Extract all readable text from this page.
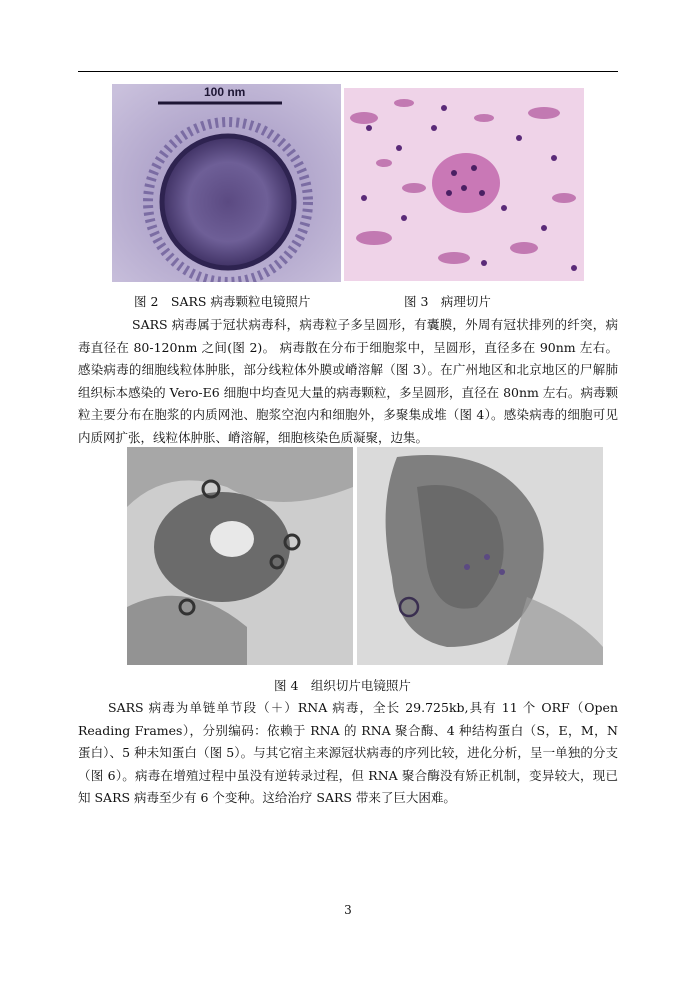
100 nm
图 2　SARS 病毒颗粒电镜照片	图 3　病理切片
SARS 病毒属于冠状病毒科，病毒粒子多呈圆形，有囊膜，外周有冠状排列的纤突，病毒直径在 80-120nm 之间(图 2)。 病毒散在分布于细胞浆中，呈圆形，直径多在 90nm 左右。感染病毒的细胞线粒体肿胀，部分线粒体外膜或嵴溶解（图 3）。在广州地区和北京地区的尸解肺组织标本感染的 Vero-E6 细胞中均查见大量的病毒颗粒，多呈圆形，直径在 80nm 左右。病毒颗粒主要分布在胞浆的内质网池、胞浆空泡内和细胞外，多聚集成堆（图 4）。感染病毒的细胞可见内质网扩张，线粒体肿胀、嵴溶解，细胞核染色质凝聚，边集。
图 4　组织切片电镜照片
SARS 病毒为单链单节段（＋）RNA 病毒，全长 29.725kb,具有 11 个 ORF（Open Reading Frames），分别编码：依赖于 RNA 的 RNA 聚合酶、4 种结构蛋白（S，E，M，N 蛋白）、5 种未知蛋白（图 5）。与其它宿主来源冠状病毒的序列比较，进化分析，呈一单独的分支（图 6）。病毒在增殖过程中虽没有逆转录过程，但 RNA 聚合酶没有矫正机制，变异较大，现已知 SARS 病毒至少有 6 个变种。这给治疗 SARS 带来了巨大困难。
3
